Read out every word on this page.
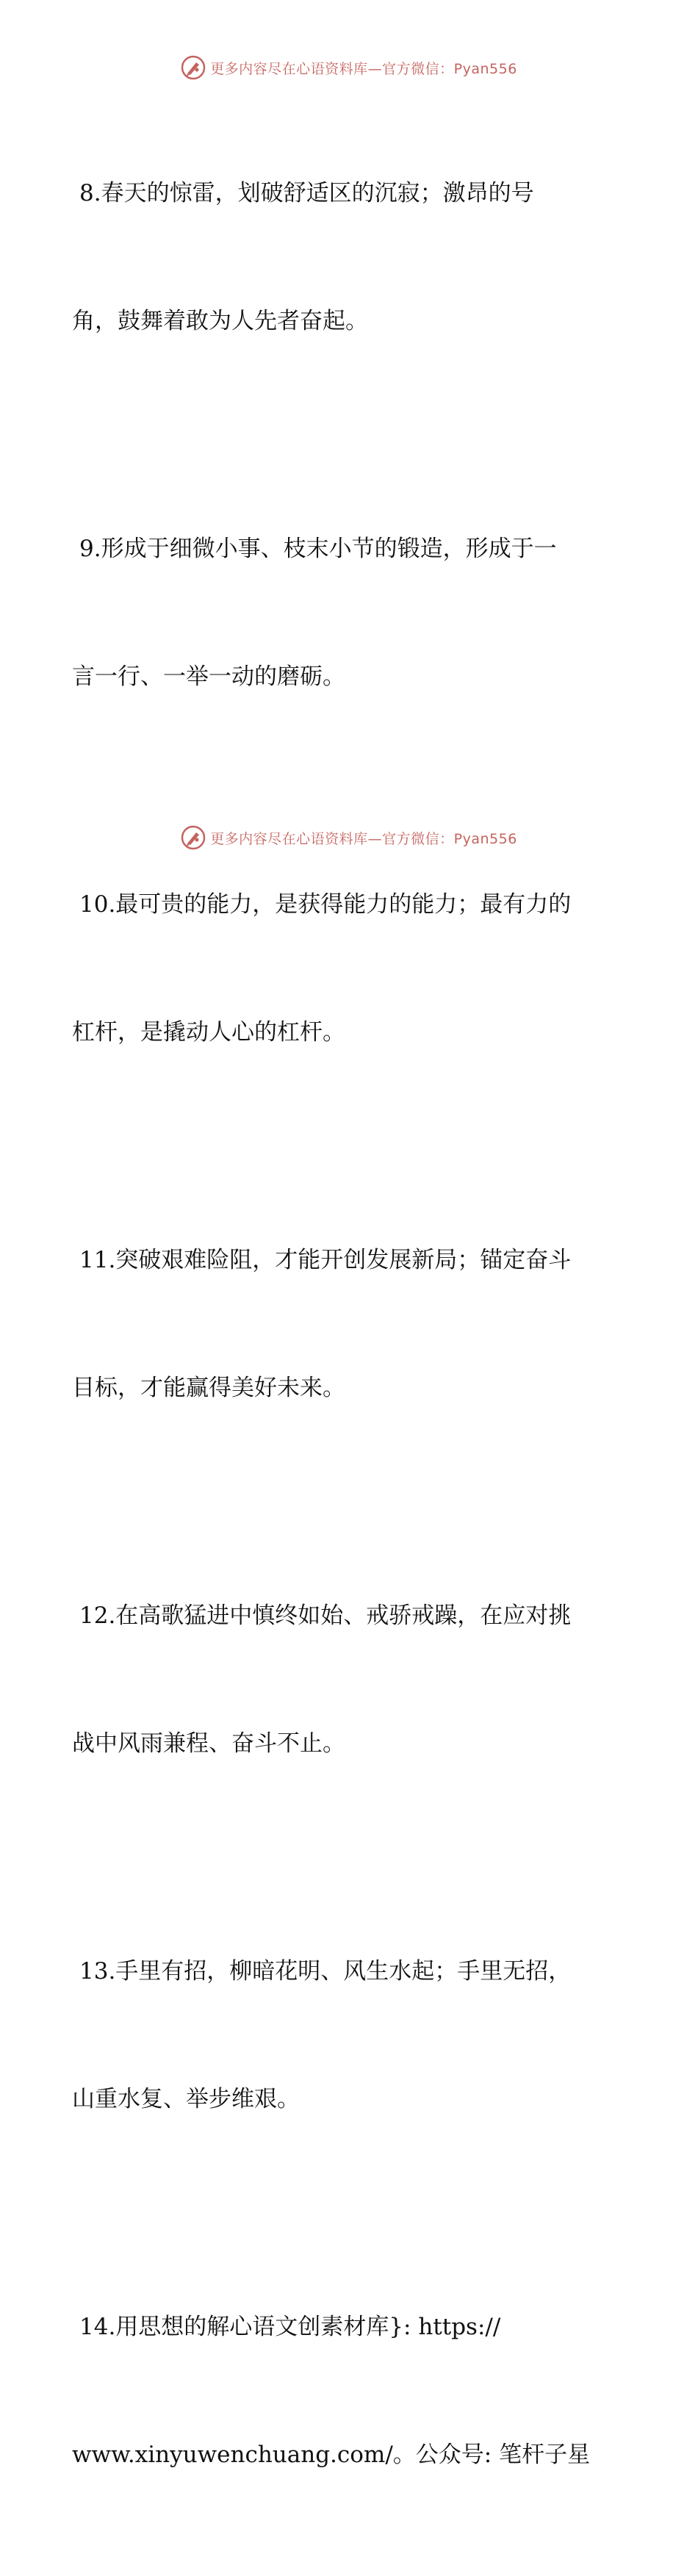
更多内容尽在心语资料库—官方微信：Pyan556

8.春天的惊雷，划破舒适区的沉寂；激昂的号

角，鼓舞着敢为人先者奋起。

9.形成于细微小事、枝末小节的锻造，形成于一

言一行、一举一动的磨砺。

10.最可贵的能力，是获得能力的能力；最有力的

杠杆，是撬动人心的杠杆。

11.突破艰难险阻，才能开创发展新局；锚定奋斗

目标，才能赢得美好未来。

12.在高歌猛进中慎终如始、戒骄戒躁，在应对挑

战中风雨兼程、奋斗不止。

13.手里有招，柳暗花明、风生水起；手里无招，

山重水复、举步维艰。

14.用思想的解心语文创素材库}: https://

www.xinyuwenchuang.com/。公众号: 笔杆子星

更多内容尽在心语资料库—官方微信：Pyan556
